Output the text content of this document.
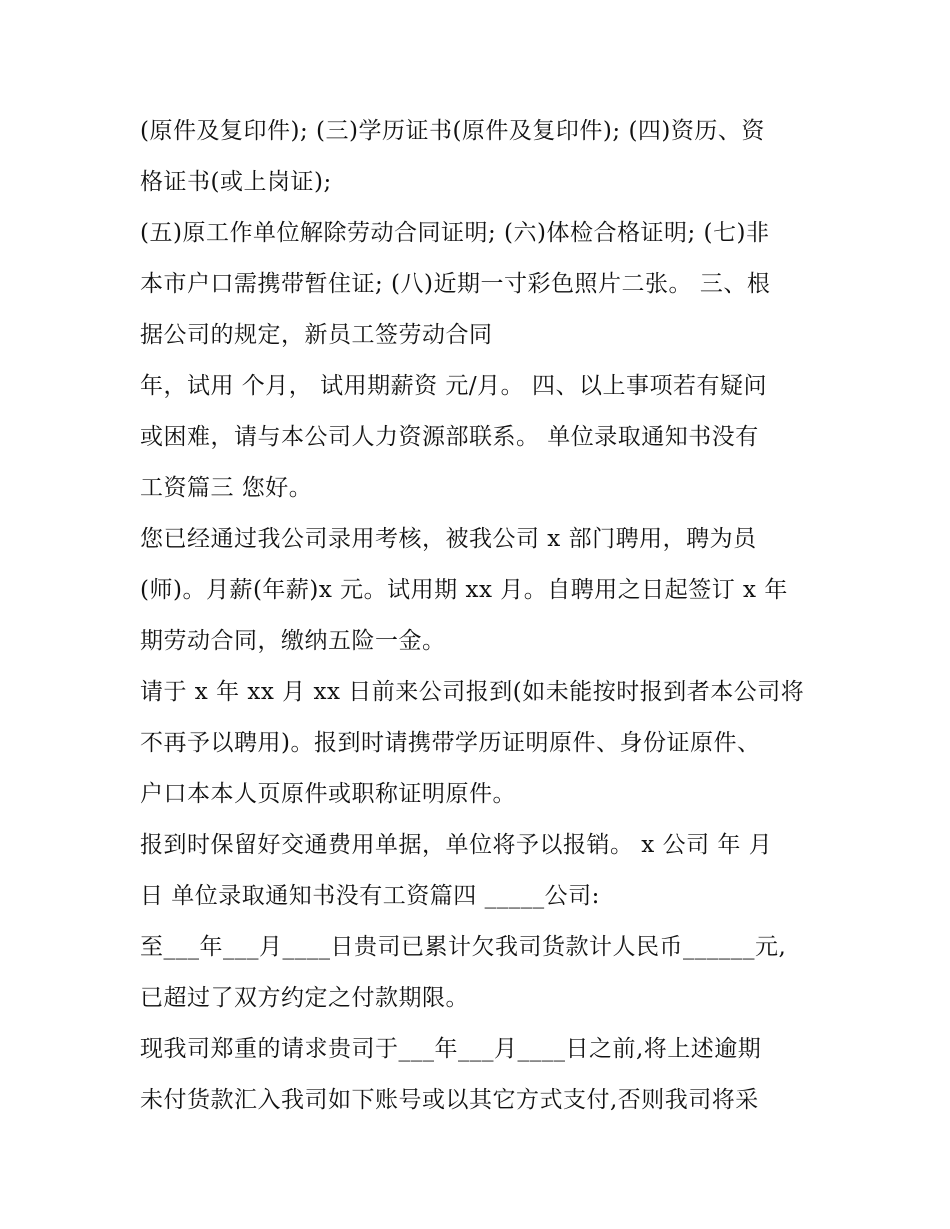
(原件及复印件); (三)学历证书(原件及复印件); (四)资历、资
格证书(或上岗证);
(五)原工作单位解除劳动合同证明; (六)体检合格证明; (七)非
本市户口需携带暂住证; (八)近期一寸彩色照片二张。 三、根
据公司的规定，新员工签劳动合同
年，试用 个月， 试用期薪资 元/月。 四、以上事项若有疑问
或困难，请与本公司人力资源部联系。 单位录取通知书没有
工资篇三 您好。
您已经通过我公司录用考核，被我公司 x 部门聘用，聘为员
(师)。月薪(年薪)x 元。试用期 xx 月。自聘用之日起签订 x 年
期劳动合同，缴纳五险一金。
请于 x 年 xx 月 xx 日前来公司报到(如未能按时报到者本公司将
不再予以聘用)。报到时请携带学历证明原件、身份证原件、
户口本本人页原件或职称证明原件。
报到时保留好交通费用单据，单位将予以报销。 x 公司 年 月
日 单位录取通知书没有工资篇四 _____公司:
至___年___月____日贵司已累计欠我司货款计人民币______元,
已超过了双方约定之付款期限。
现我司郑重的请求贵司于___年___月____日之前,将上述逾期
未付货款汇入我司如下账号或以其它方式支付,否则我司将采
